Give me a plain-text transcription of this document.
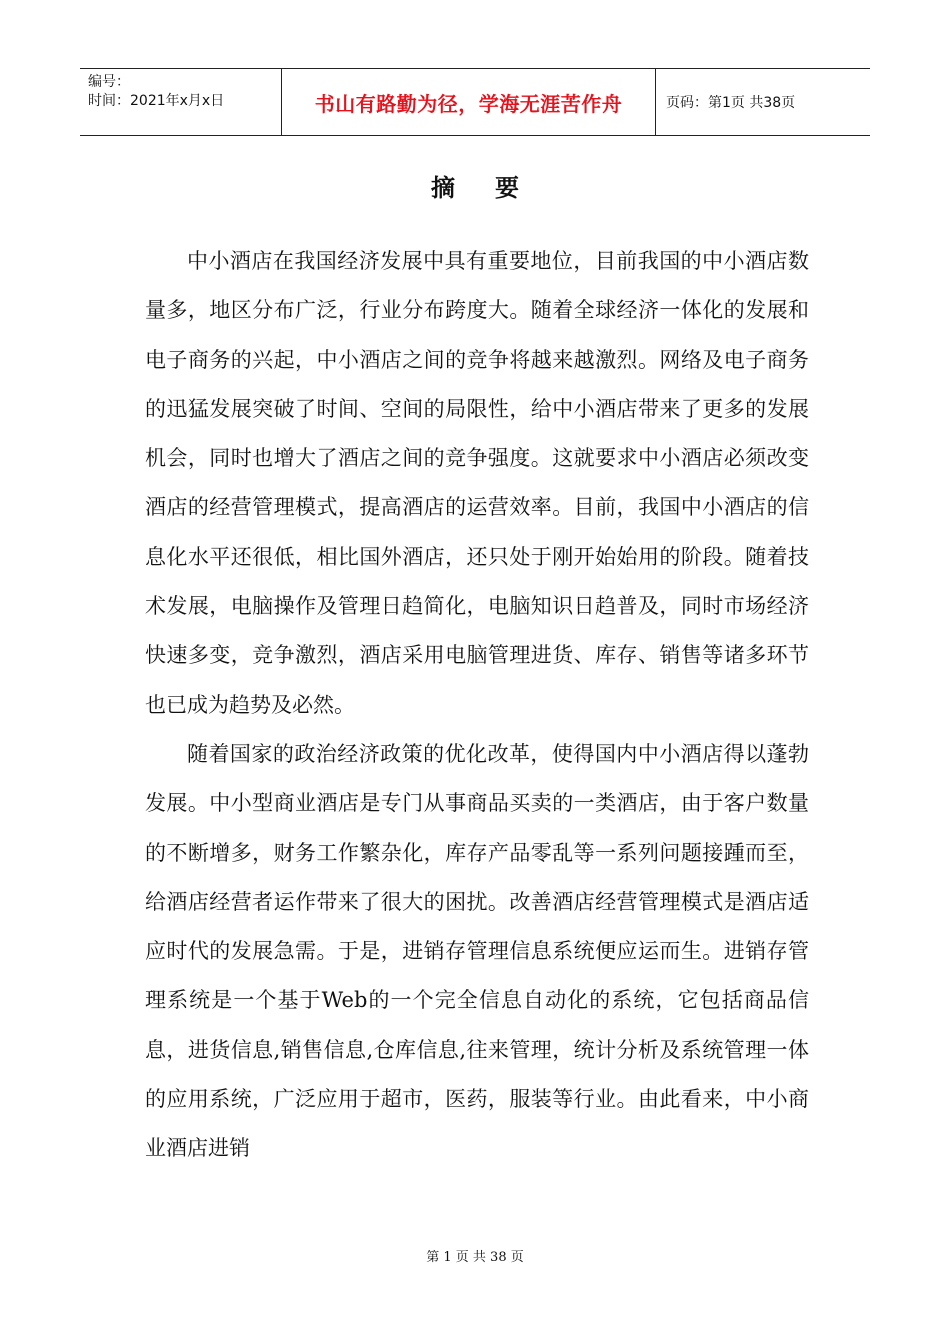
编号：
时间：2021年x月x日	书山有路勤为径，学海无涯苦作舟	页码：第1页 共38页
摘要

中小酒店在我国经济发展中具有重要地位，目前我国的中小酒店数量多，地区分布广泛，行业分布跨度大。随着全球经济一体化的发展和电子商务的兴起，中小酒店之间的竞争将越来越激烈。网络及电子商务的迅猛发展突破了时间、空间的局限性，给中小酒店带来了更多的发展机会，同时也增大了酒店之间的竞争强度。这就要求中小酒店必须改变酒店的经营管理模式，提高酒店的运营效率。目前，我国中小酒店的信息化水平还很低，相比国外酒店，还只处于刚开始始用的阶段。随着技术发展，电脑操作及管理日趋简化，电脑知识日趋普及，同时市场经济快速多变，竞争激烈，酒店采用电脑管理进货、库存、销售等诸多环节也已成为趋势及必然。

随着国家的政治经济政策的优化改革，使得国内中小酒店得以蓬勃发展。中小型商业酒店是专门从事商品买卖的一类酒店，由于客户数量的不断增多，财务工作繁杂化，库存产品零乱等一系列问题接踵而至，给酒店经营者运作带来了很大的困扰。改善酒店经营管理模式是酒店适应时代的发展急需。于是，进销存管理信息系统便应运而生。进销存管理系统是一个基于Web的一个完全信息自动化的系统，它包括商品信息，进货信息,销售信息,仓库信息,往来管理，统计分析及系统管理一体的应用系统，广泛应用于超市，医药，服装等行业。由此看来，中小商业酒店进销

第 1 页 共 38 页
